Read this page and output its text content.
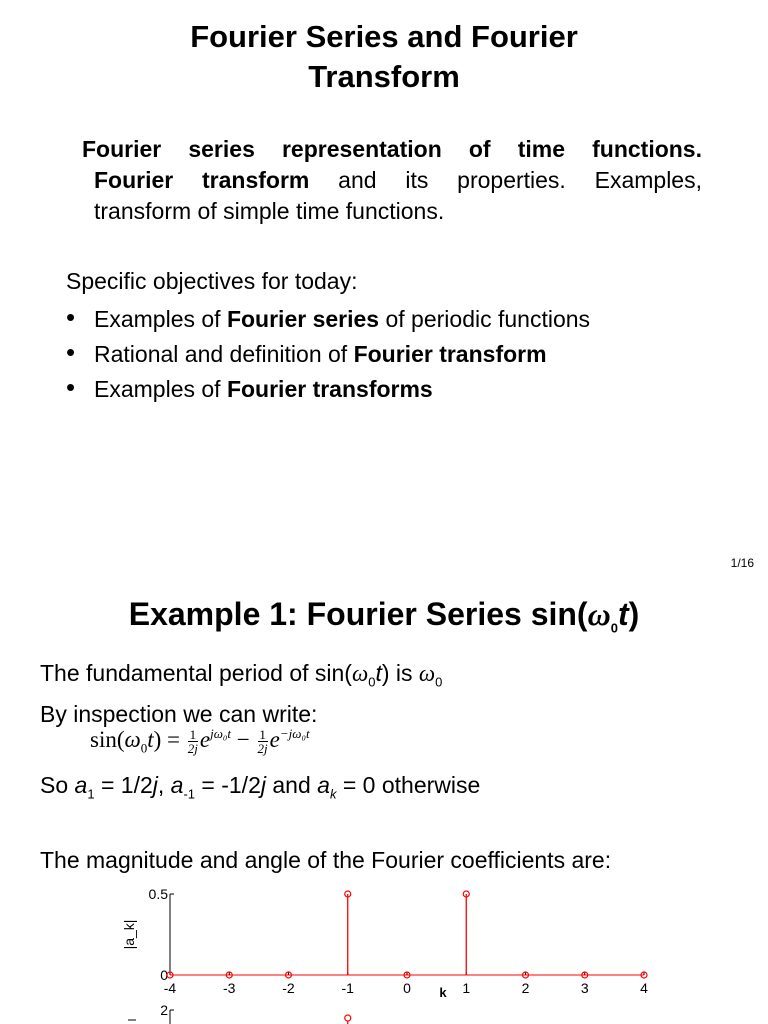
Fourier Series and Fourier
Transform
Fourier series representation of time functions.
Fourier transform and its properties. Examples,
transform of simple time functions.
Specific objectives for today:
• Examples of Fourier series of periodic functions
• Rational and definition of Fourier transform
• Examples of Fourier transforms
1/16
Example 1: Fourier Series $\sin(\omega_0t)$
The fundamental period of $\sin(\omega_0t)$ is $\omega_0$
By inspection we can write:
$\sin(\omega_0t) = \frac{1}{2j} e^{j\omega_0t} - \frac{1}{2j} e^{-j\omega_0t}$
So $a_1 = 1/2j$, $a_{-1} = -1/2j$ and $a_k = 0$ otherwise
The magnitude and angle of the Fourier coefficients are:
0
0.5
|a_k|
-4	-3	-2	-1	0	1	2	3	4
k
2
